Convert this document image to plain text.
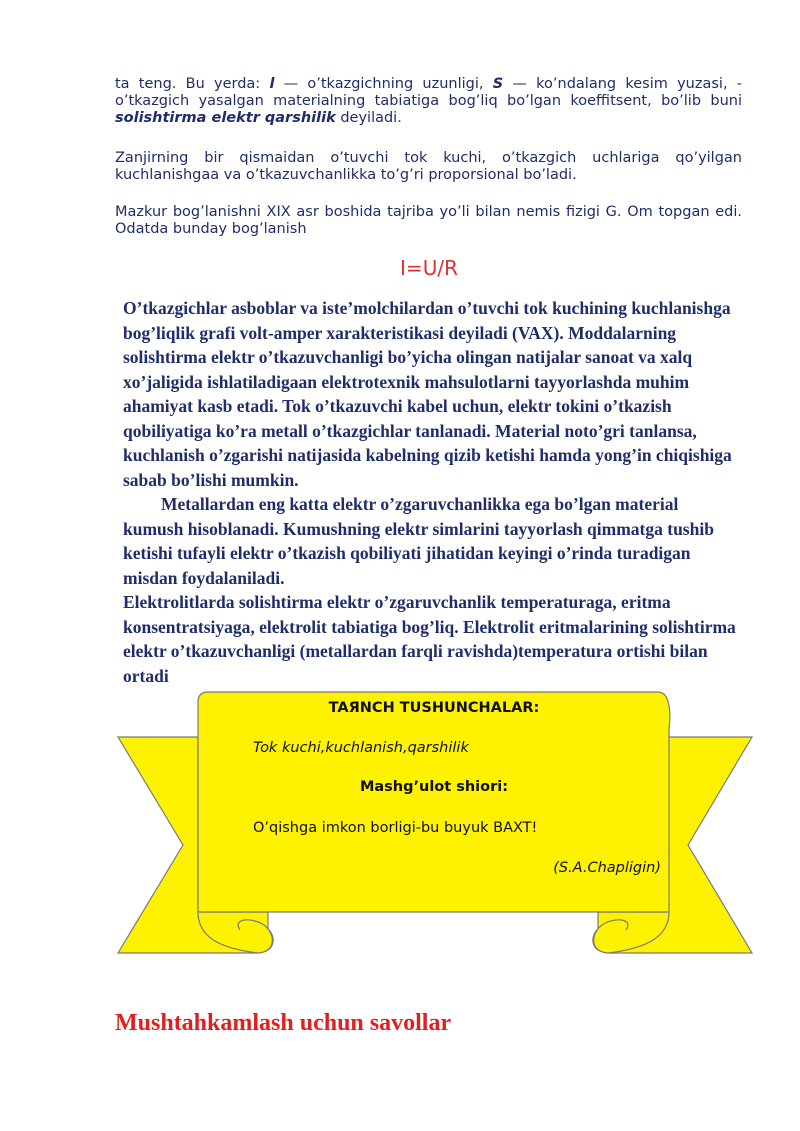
ta teng. Bu yerda: l — o’tkazgichning uzunligi, S — ko’ndalang kesim yuzasi, - o’tkazgich yasalgan materialning tabiatiga bog’liq bo’lgan koeffitsent, bo’lib buni solishtirma elektr qarshilik deyiladi.

Zanjirning bir qismaidan o’tuvchi tok kuchi, o’tkazgich uchlariga qo’yilgan kuchlanishgaa va o’tkazuvchanlikka to’g’ri proporsional bo’ladi.

Mazkur bog’lanishni XIX asr boshida tajriba yo’li bilan nemis fizigi G. Om topgan edi. Odatda bunday bog’lanish

I=U/R

O’tkazgichlar asboblar va iste’molchilardan o’tuvchi tok kuchining kuchlanishga bog’liqlik grafi volt-amper xarakteristikasi deyiladi (VAX). Moddalarning solishtirma elektr o’tkazuvchanligi bo’yicha olingan natijalar sanoat va xalq xo’jaligida ishlatiladigaan elektrotexnik mahsulotlarni tayyorlashda muhim ahamiyat kasb etadi. Tok o’tkazuvchi kabel uchun, elektr tokini o’tkazish qobiliyatiga ko’ra metall o’tkazgichlar tanlanadi. Material noto’gri tanlansa, kuchlanish o’zgarishi natijasida kabelning qizib ketishi hamda yong’in chiqishiga sabab bo’lishi mumkin.

Metallardan eng katta elektr o’zgaruvchanlikka ega bo’lgan material kumush hisoblanadi. Kumushning elektr simlarini tayyorlash qimmatga tushib ketishi tufayli elektr o’tkazish qobiliyati jihatidan keyingi o’rinda turadigan misdan foydalaniladi.

Elektrolitlarda solishtirma elektr o’zgaruvchanlik temperaturaga, eritma konsentratsiyaga, elektrolit tabiatiga bog’liq. Elektrolit eritmalarining solishtirma elektr o’tkazuvchanligi (metallardan farqli ravishda)temperatura ortishi bilan ortadi

TAЯNCH TUSHUNCHALAR:

Tok kuchi,kuchlanish,qarshilik

Mashg’ulot shiori:

O’qishga imkon borligi-bu buyuk BAXT!

(S.A.Chapligin)

Mushtahkamlash uchun savollar
